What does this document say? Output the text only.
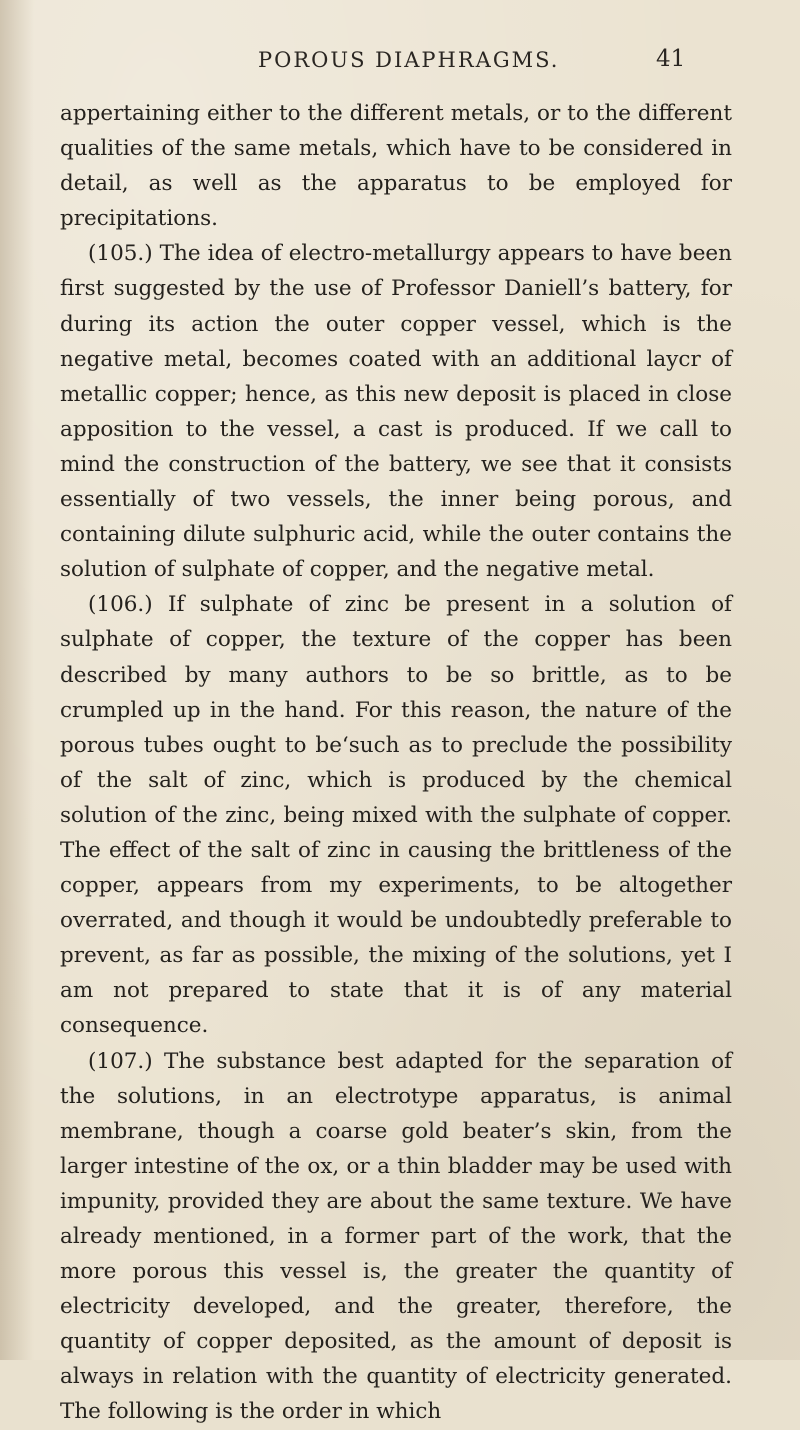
POROUS DIAPHRAGMS.	41

appertaining either to the different metals, or to the different qualities of the same metals, which have to be considered in detail, as well as the apparatus to be employed for precipitations.

(105.) The idea of electro-metallurgy appears to have been first suggested by the use of Professor Daniell’s battery, for during its action the outer copper vessel, which is the negative metal, becomes coated with an additional laycr of metallic copper; hence, as this new deposit is placed in close apposition to the vessel, a cast is produced. If we call to mind the construction of the battery, we see that it consists essentially of two vessels, the inner being porous, and containing dilute sulphuric acid, while the outer contains the solution of sulphate of copper, and the negative metal.

(106.) If sulphate of zinc be present in a solution of sulphate of copper, the texture of the copper has been described by many authors to be so brittle, as to be crumpled up in the hand. For this reason, the nature of the porous tubes ought to be‘such as to preclude the possibility of the salt of zinc, which is produced by the chemical solution of the zinc, being mixed with the sulphate of copper. The effect of the salt of zinc in causing the brittleness of the copper, appears from my experiments, to be altogether overrated, and though it would be undoubtedly preferable to prevent, as far as possible, the mixing of the solutions, yet I am not prepared to state that it is of any material consequence.

(107.) The substance best adapted for the separation of the solutions, in an electrotype apparatus, is animal membrane, though a coarse gold beater’s skin, from the larger intestine of the ox, or a thin bladder may be used with impunity, provided they are about the same texture. We have already mentioned, in a former part of the work, that the more porous this vessel is, the greater the quantity of electricity developed, and the greater, therefore, the quantity of copper deposited, as the amount of deposit is always in relation with the quantity of electricity generated. The following is the order in which
